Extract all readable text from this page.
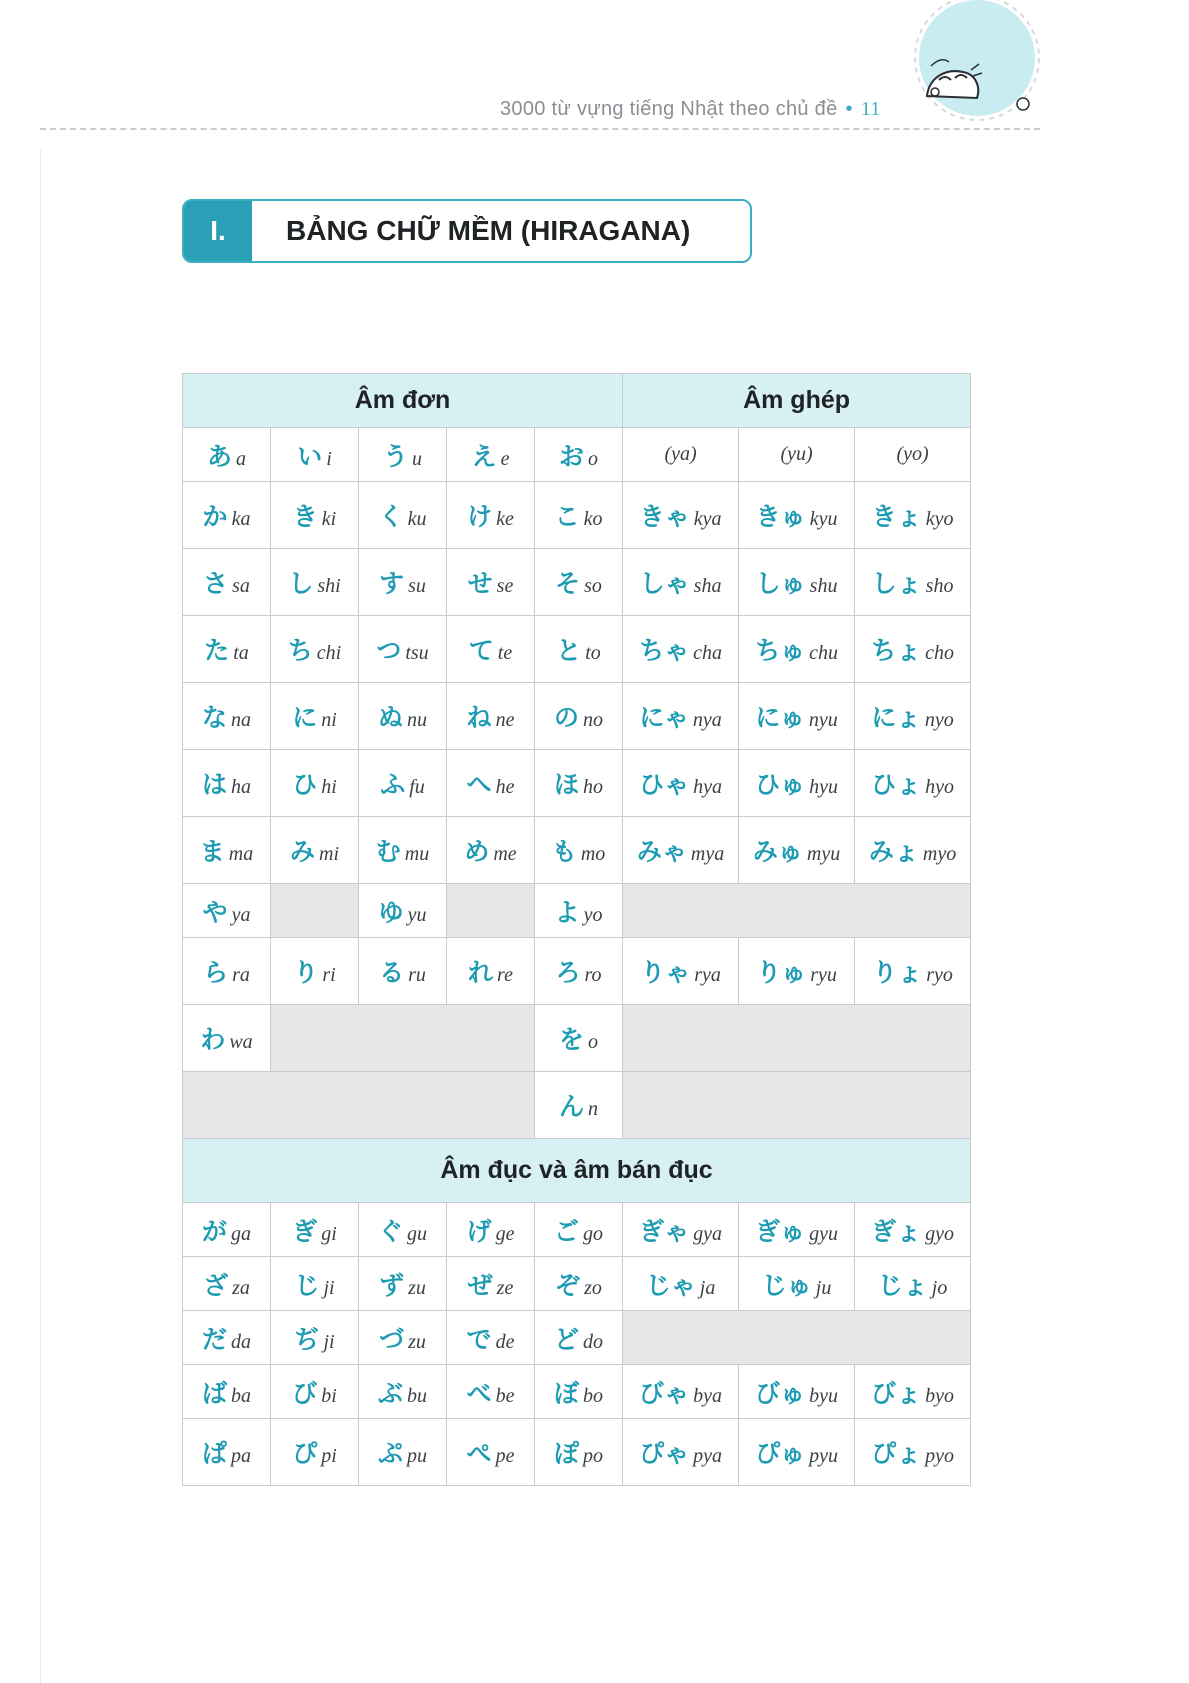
3000 từ vựng tiếng Nhật theo chủ đề • 11
I.	BẢNG CHỮ MỀM (HIRAGANA)
Âm đơn					Âm ghép		
あ a	い i	う u	え e	お o	(ya)	(yu)	(yo)
か ka	き ki	く ku	け ke	こ ko	きゃ kya	きゅ kyu	きょ kyo
さ sa	し shi	す su	せ se	そ so	しゃ sha	しゅ shu	しょ sho
た ta	ち chi	つ tsu	て te	と to	ちゃ cha	ちゅ chu	ちょ cho
な na	に ni	ぬ nu	ね ne	の no	にゃ nya	にゅ nyu	にょ nyo
は ha	ひ hi	ふ fu	へ he	ほ ho	ひゃ hya	ひゅ hyu	ひょ hyo
ま ma	み mi	む mu	め me	も mo	みゃ mya	みゅ myu	みょ myo
や ya		ゆ yu		よ yo			
ら ra	り ri	る ru	れ re	ろ ro	りゃ rya	りゅ ryu	りょ ryo
わ wa				を o			
				ん n			
Âm đục và âm bán đục							
が ga	ぎ gi	ぐ gu	げ ge	ご go	ぎゃ gya	ぎゅ gyu	ぎょ gyo
ざ za	じ ji	ず zu	ぜ ze	ぞ zo	じゃ ja	じゅ ju	じょ jo
だ da	ぢ ji	づ zu	で de	ど do			
ば ba	び bi	ぶ bu	べ be	ぼ bo	びゃ bya	びゅ byu	びょ byo
ぱ pa	ぴ pi	ぷ pu	ぺ pe	ぽ po	ぴゃ pya	ぴゅ pyu	ぴょ pyo
